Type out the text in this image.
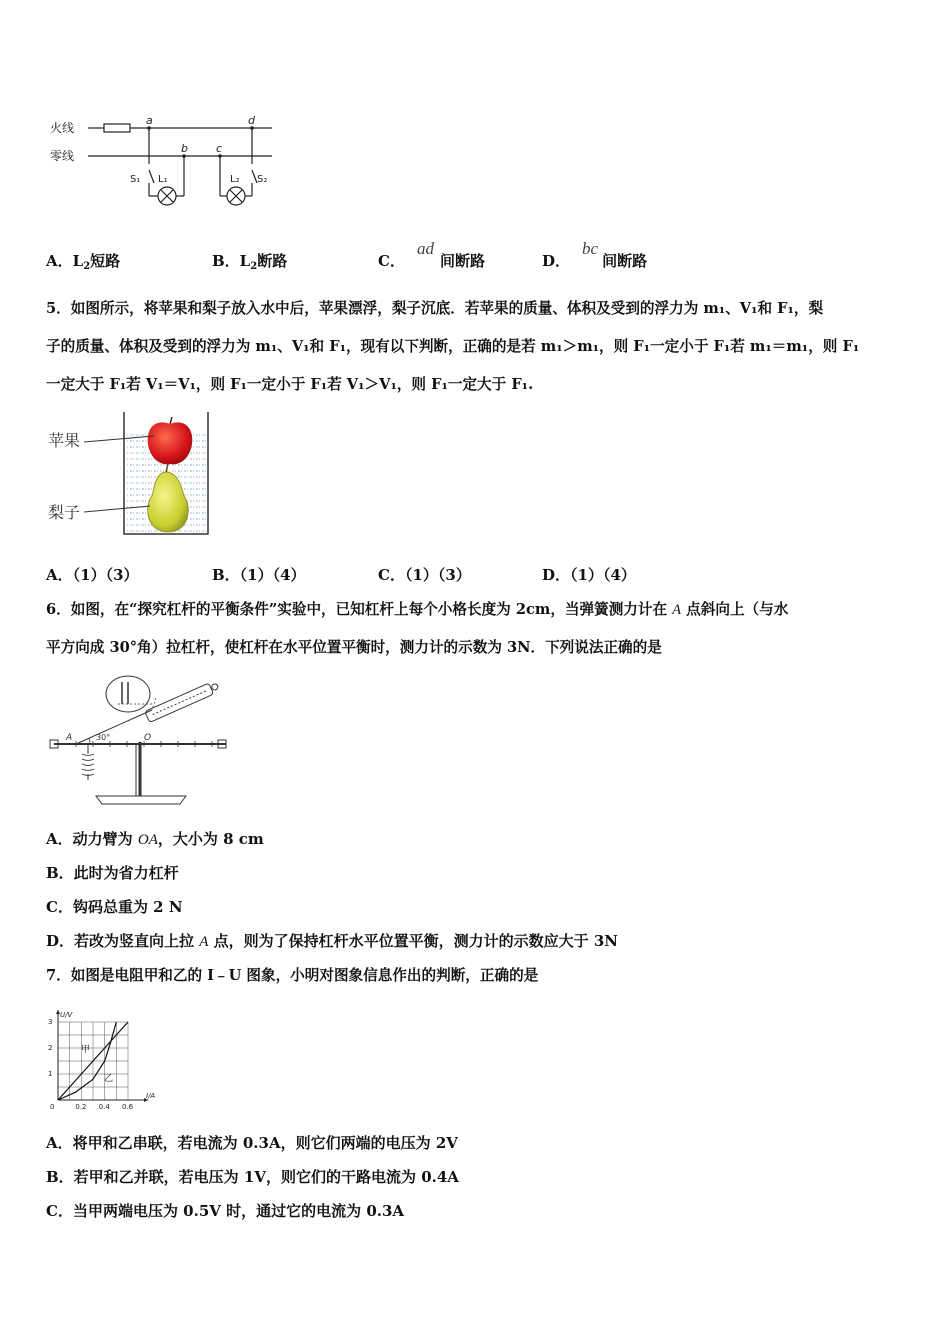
火线
零线
a
b	c
d
S₁ L₁	L₂ S₂
A．$L_2$短路	B．$L_2$断路	C．ad间断路	D．bc间断路
5．如图所示，将苹果和梨子放入水中后，苹果漂浮，梨子沉底．若苹果的质量、体积及受到的浮力为 m₁、V₁和 F₁，梨
子的质量、体积及受到的浮力为 m₁、V₁和 F₁，现有以下判断，正确的是若 m₁＞m₁，则 F₁一定小于 F₁若 m₁＝m₁，则 F₁
一定大于 F₁若 V₁＝V₁，则 F₁一定小于 F₁若 V₁＞V₁，则 F₁一定大于 F₁.
苹果
梨子
A．（1）（3）	B．（1）（4）	C．（1）（3）	D．（1）（4）
6．如图，在“探究杠杆的平衡条件”实验中，已知杠杆上每个小格长度为 2cm，当弹簧测力计在 A 点斜向上（与水
平方向成 30°角）拉杠杆，使杠杆在水平位置平衡时，测力计的示数为 3N．下列说法正确的是
A	O
30°
A．动力臂为 OA，大小为 8 cm
B．此时为省力杠杆
C．钩码总重为 2 N
D．若改为竖直向上拉 A 点，则为了保持杠杆水平位置平衡，测力计的示数应大于 3N
7．如图是电阻甲和乙的 I﹣U 图象，小明对图象信息作出的判断，正确的是
0	0.2 0.4 0.6
1
2
3
I/A
U/V
甲
乙
A．将甲和乙串联，若电流为 0.3A，则它们两端的电压为 2V
B．若甲和乙并联，若电压为 1V，则它们的干路电流为 0.4A
C．当甲两端电压为 0.5V 时，通过它的电流为 0.3A
